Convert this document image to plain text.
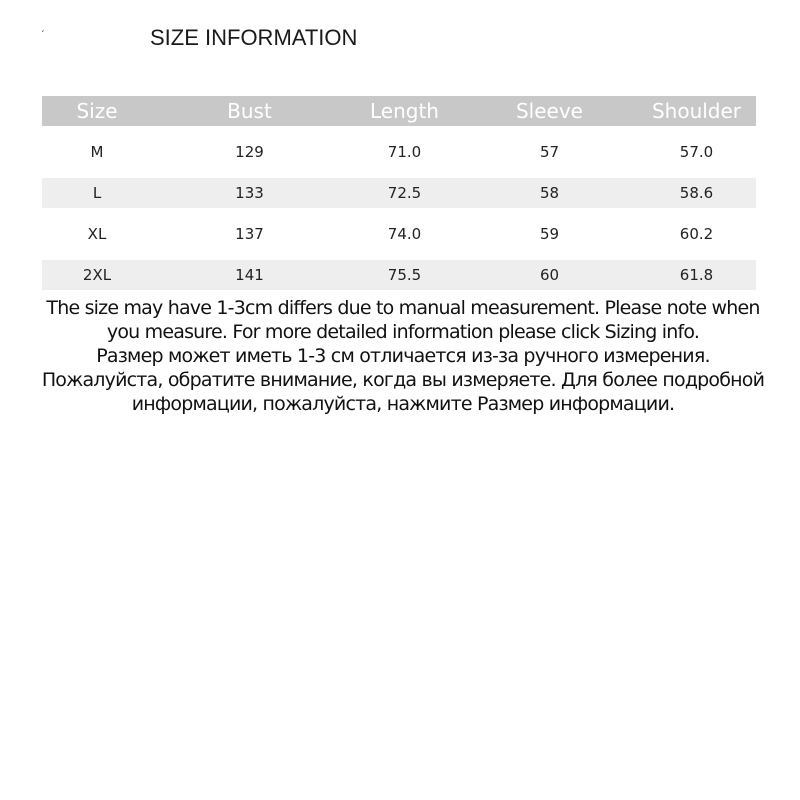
ˏ	SIZE INFORMATION
Size	Bust	Length	Sleeve	Shoulder
M	129	71.0	57	57.0
L	133	72.5	58	58.6
XL	137	74.0	59	60.2
2XL	141	75.5	60	61.8

The size may have 1-3cm differs due to manual measurement. Please note when you measure. For more detailed information please click Sizing info.

Размер может иметь 1-3 см отличается из-за ручного измерения. Пожалуйста, обратите внимание, когда вы измеряете. Для более подробной информации, пожалуйста, нажмите Размер информации.
